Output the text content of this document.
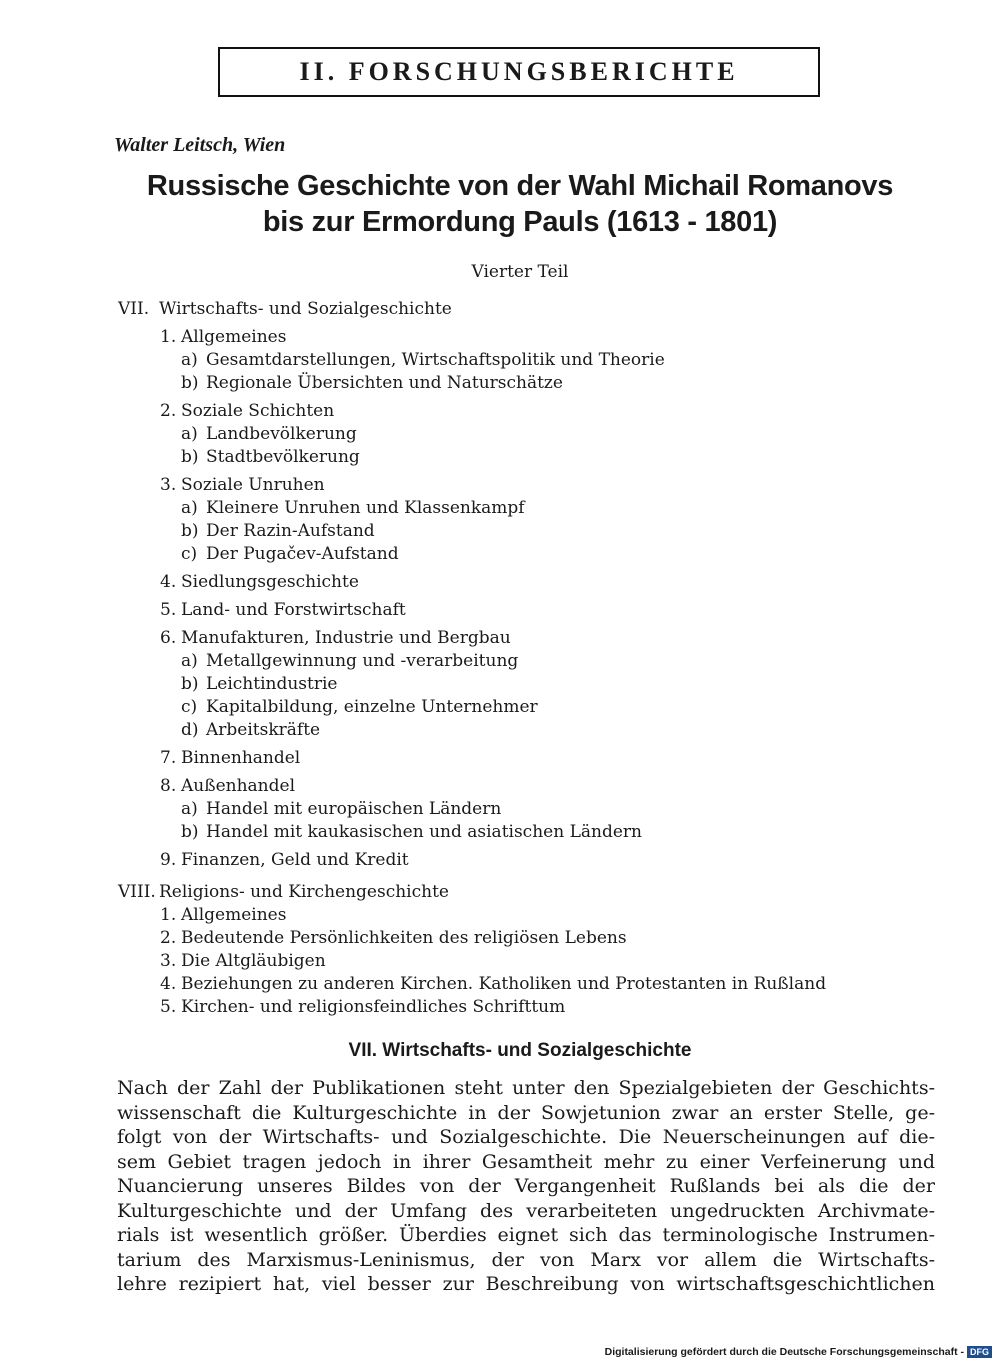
II. FORSCHUNGSBERICHTE
Walter Leitsch, Wien
Russische Geschichte von der Wahl Michail Romanovs
bis zur Ermordung Pauls (1613 - 1801)
Vierter Teil
VII. Wirtschafts- und Sozialgeschichte
1. Allgemeines
a) Gesamtdarstellungen, Wirtschaftspolitik und Theorie
b) Regionale Übersichten und Naturschätze
2. Soziale Schichten
a) Landbevölkerung
b) Stadtbevölkerung
3. Soziale Unruhen
a) Kleinere Unruhen und Klassenkampf
b) Der Razin-Aufstand
c) Der Pugačev-Aufstand
4. Siedlungsgeschichte
5. Land- und Forstwirtschaft
6. Manufakturen, Industrie und Bergbau
a) Metallgewinnung und -verarbeitung
b) Leichtindustrie
c) Kapitalbildung, einzelne Unternehmer
d) Arbeitskräfte
7. Binnenhandel
8. Außenhandel
a) Handel mit europäischen Ländern
b) Handel mit kaukasischen und asiatischen Ländern
9. Finanzen, Geld und Kredit
VIII. Religions- und Kirchengeschichte
1. Allgemeines
2. Bedeutende Persönlichkeiten des religiösen Lebens
3. Die Altgläubigen
4. Beziehungen zu anderen Kirchen. Katholiken und Protestanten in Rußland
5. Kirchen- und religionsfeindliches Schrifttum
VII. Wirtschafts- und Sozialgeschichte
Nach der Zahl der Publikationen steht unter den Spezialgebieten der Geschichts-
wissenschaft die Kulturgeschichte in der Sowjetunion zwar an erster Stelle, ge-
folgt von der Wirtschafts- und Sozialgeschichte. Die Neuerscheinungen auf die-
sem Gebiet tragen jedoch in ihrer Gesamtheit mehr zu einer Verfeinerung und
Nuancierung unseres Bildes von der Vergangenheit Rußlands bei als die der
Kulturgeschichte und der Umfang des verarbeiteten ungedruckten Archivmate-
rials ist wesentlich größer. Überdies eignet sich das terminologische Instrumen-
tarium des Marxismus-Leninismus, der von Marx vor allem die Wirtschafts-
lehre rezipiert hat, viel besser zur Beschreibung von wirtschaftsgeschichtlichen
Digitalisierung gefördert durch die Deutsche Forschungsgemeinschaft - DFG
